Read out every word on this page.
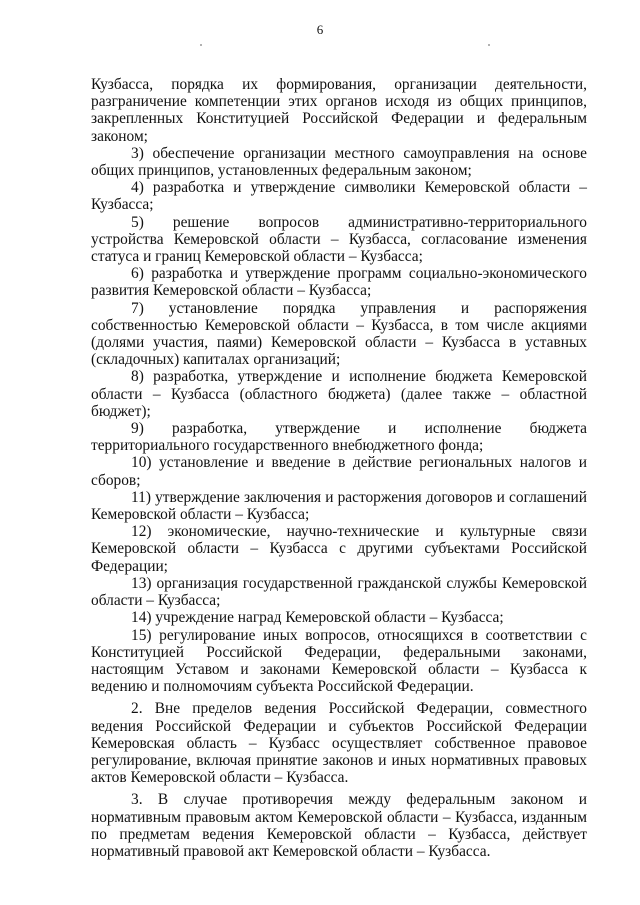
6

Кузбасса, порядка их формирования, организации деятельности, разграничение компетенции этих органов исходя из общих принципов, закрепленных Конституцией Российской Федерации и федеральным законом;

3) обеспечение организации местного самоуправления на основе общих принципов, установленных федеральным законом;

4) разработка и утверждение символики Кемеровской области – Кузбасса;

5) решение вопросов административно-территориального устройства Кемеровской области – Кузбасса, согласование изменения статуса и границ Кемеровской области – Кузбасса;

6) разработка и утверждение программ социально-экономического развития Кемеровской области – Кузбасса;

7) установление порядка управления и распоряжения собственностью Кемеровской области – Кузбасса, в том числе акциями (долями участия, паями) Кемеровской области – Кузбасса в уставных (складочных) капиталах организаций;

8) разработка, утверждение и исполнение бюджета Кемеровской области – Кузбасса (областного бюджета) (далее также – областной бюджет);

9) разработка, утверждение и исполнение бюджета территориального государственного внебюджетного фонда;

10) установление и введение в действие региональных налогов и сборов;

11) утверждение заключения и расторжения договоров и соглашений Кемеровской области – Кузбасса;

12) экономические, научно-технические и культурные связи Кемеровской области – Кузбасса с другими субъектами Российской Федерации;

13) организация государственной гражданской службы Кемеровской области – Кузбасса;

14) учреждение наград Кемеровской области – Кузбасса;

15) регулирование иных вопросов, относящихся в соответствии с Конституцией Российской Федерации, федеральными законами, настоящим Уставом и законами Кемеровской области – Кузбасса к ведению и полномочиям субъекта Российской Федерации.

2. Вне пределов ведения Российской Федерации, совместного ведения Российской Федерации и субъектов Российской Федерации Кемеровская область – Кузбасс осуществляет собственное правовое регулирование, включая принятие законов и иных нормативных правовых актов Кемеровской области – Кузбасса.

3. В случае противоречия между федеральным законом и нормативным правовым актом Кемеровской области – Кузбасса, изданным по предметам ведения Кемеровской области – Кузбасса, действует нормативный правовой акт Кемеровской области – Кузбасса.
